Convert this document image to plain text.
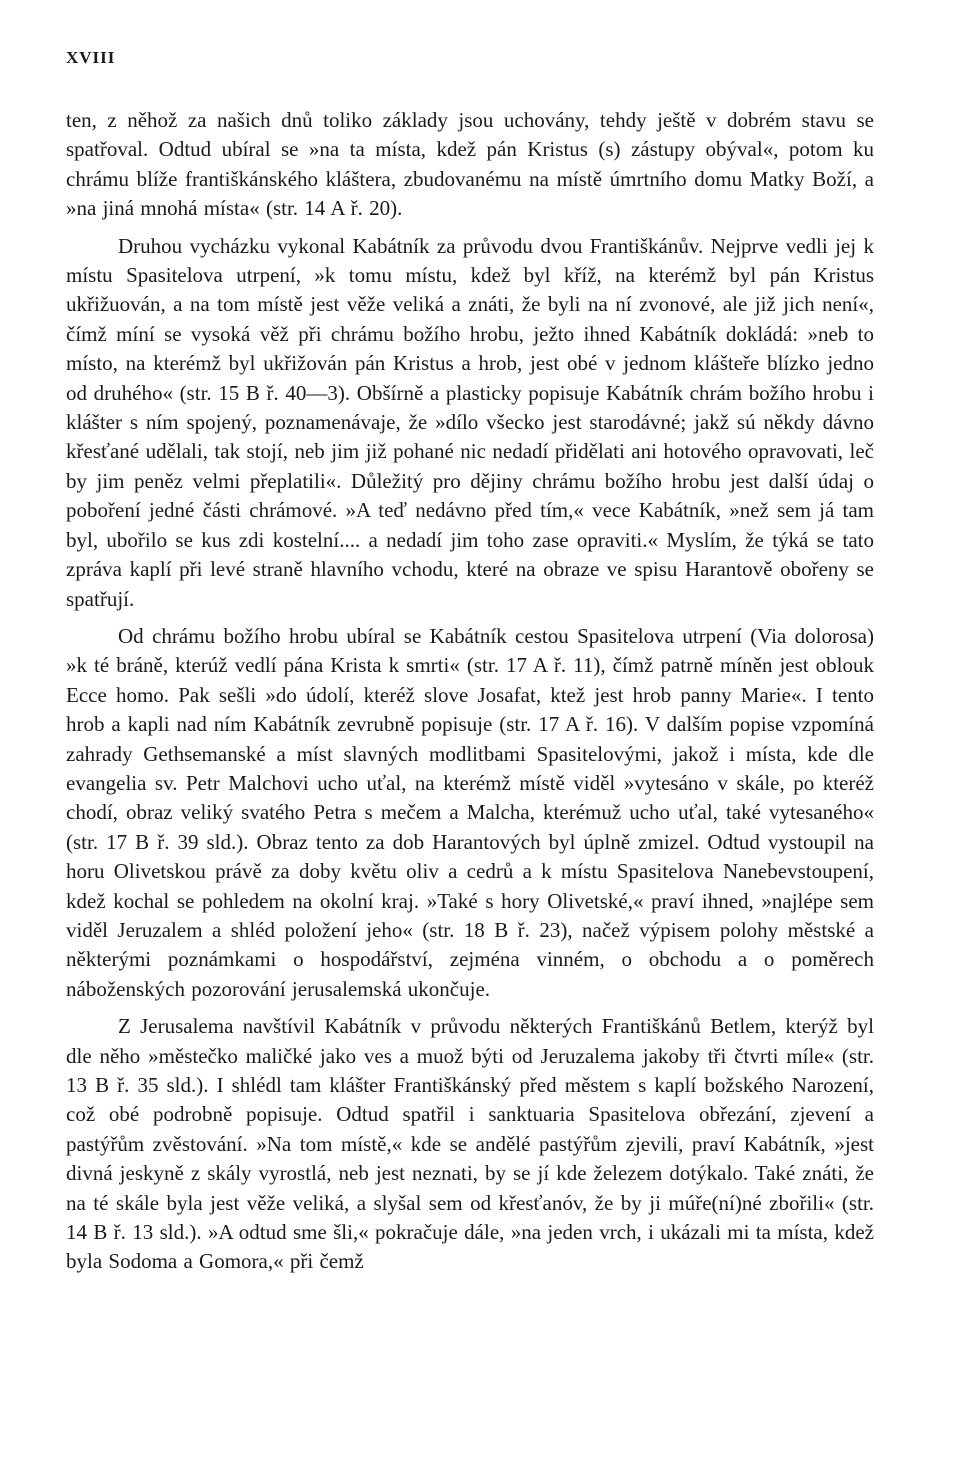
XVIII

ten, z něhož za našich dnů toliko základy jsou uchovány, tehdy ještě v dobrém stavu se spatřoval. Odtud ubíral se »na ta místa, kdež pán Kristus (s) zástupy obýval«, potom ku chrámu blíže františkánského kláštera, zbudovanému na místě úmrtního domu Matky Boží, a »na jiná mnohá místa« (str. 14 A ř. 20).

Druhou vycházku vykonal Kabátník za průvodu dvou Františkánův. Nejprve vedli jej k místu Spasitelova utrpení, »k tomu místu, kdež byl kříž, na kterémž byl pán Kristus ukřižuován, a na tom místě jest věže veliká a znáti, že byli na ní zvonové, ale již jich není«, čímž míní se vysoká věž při chrámu božího hrobu, ježto ihned Kabátník dokládá: »neb to místo, na kterémž byl ukřižován pán Kristus a hrob, jest obé v jednom klášteře blízko jedno od druhého« (str. 15 B ř. 40—3). Obšírně a plasticky popisuje Kabátník chrám božího hrobu i klášter s ním spojený, poznamenávaje, že »dílo všecko jest starodávné; jakž sú někdy dávno křesťané udělali, tak stojí, neb jim již pohané nic nedadí přidělati ani hotového opravovati, leč by jim peněz velmi přeplatili«. Důležitý pro dějiny chrámu božího hrobu jest další údaj o poboření jedné části chrámové. »A teď nedávno před tím,« vece Kabátník, »než sem já tam byl, ubořilo se kus zdi kostelní.... a nedadí jim toho zase opraviti.« Myslím, že týká se tato zpráva kaplí při levé straně hlavního vchodu, které na obraze ve spisu Harantově obořeny se spatřují.

Od chrámu božího hrobu ubíral se Kabátník cestou Spasitelova utrpení (Via dolorosa) »k té bráně, kterúž vedlí pána Krista k smrti« (str. 17 A ř. 11), čímž patrně míněn jest oblouk Ecce homo. Pak sešli »do údolí, kteréž slove Josafat, ktež jest hrob panny Marie«. I tento hrob a kapli nad ním Kabátník zevrubně popisuje (str. 17 A ř. 16). V dalším popise vzpomíná zahrady Gethsemanské a míst slavných modlitbami Spasitelovými, jakož i místa, kde dle evangelia sv. Petr Malchovi ucho uťal, na kterémž místě viděl »vytesáno v skále, po kteréž chodí, obraz veliký svatého Petra s mečem a Malcha, kterémuž ucho uťal, také vytesaného« (str. 17 B ř. 39 sld.). Obraz tento za dob Harantových byl úplně zmizel. Odtud vystoupil na horu Olivetskou právě za doby květu oliv a cedrů a k místu Spasitelova Nanebevstoupení, kdež kochal se pohledem na okolní kraj. »Také s hory Olivetské,« praví ihned, »najlépe sem viděl Jeruzalem a shléd položení jeho« (str. 18 B ř. 23), načež výpisem polohy městské a některými poznámkami o hospodářství, zejména vinném, o obchodu a o poměrech náboženských pozorování jerusalemská ukončuje.

Z Jerusalema navštívil Kabátník v průvodu některých Františkánů Betlem, kterýž byl dle něho »městečko maličké jako ves a muož býti od Jeruzalema jakoby tři čtvrti míle« (str. 13 B ř. 35 sld.). I shlédl tam klášter Františkánský před městem s kaplí božského Narození, což obé podrobně popisuje. Odtud spatřil i sanktuaria Spasitelova obřezání, zjevení a pastýřům zvěstování. »Na tom místě,« kde se andělé pastýřům zjevili, praví Kabátník, »jest divná jeskyně z skály vyrostlá, neb jest neznati, by se jí kde železem dotýkalo. Také znáti, že na té skále byla jest věže veliká, a slyšal sem od křesťanóv, že by ji múře(ní)né zbořili« (str. 14 B ř. 13 sld.). »A odtud sme šli,« pokračuje dále, »na jeden vrch, i ukázali mi ta místa, kdež byla Sodoma a Gomora,« při čemž
